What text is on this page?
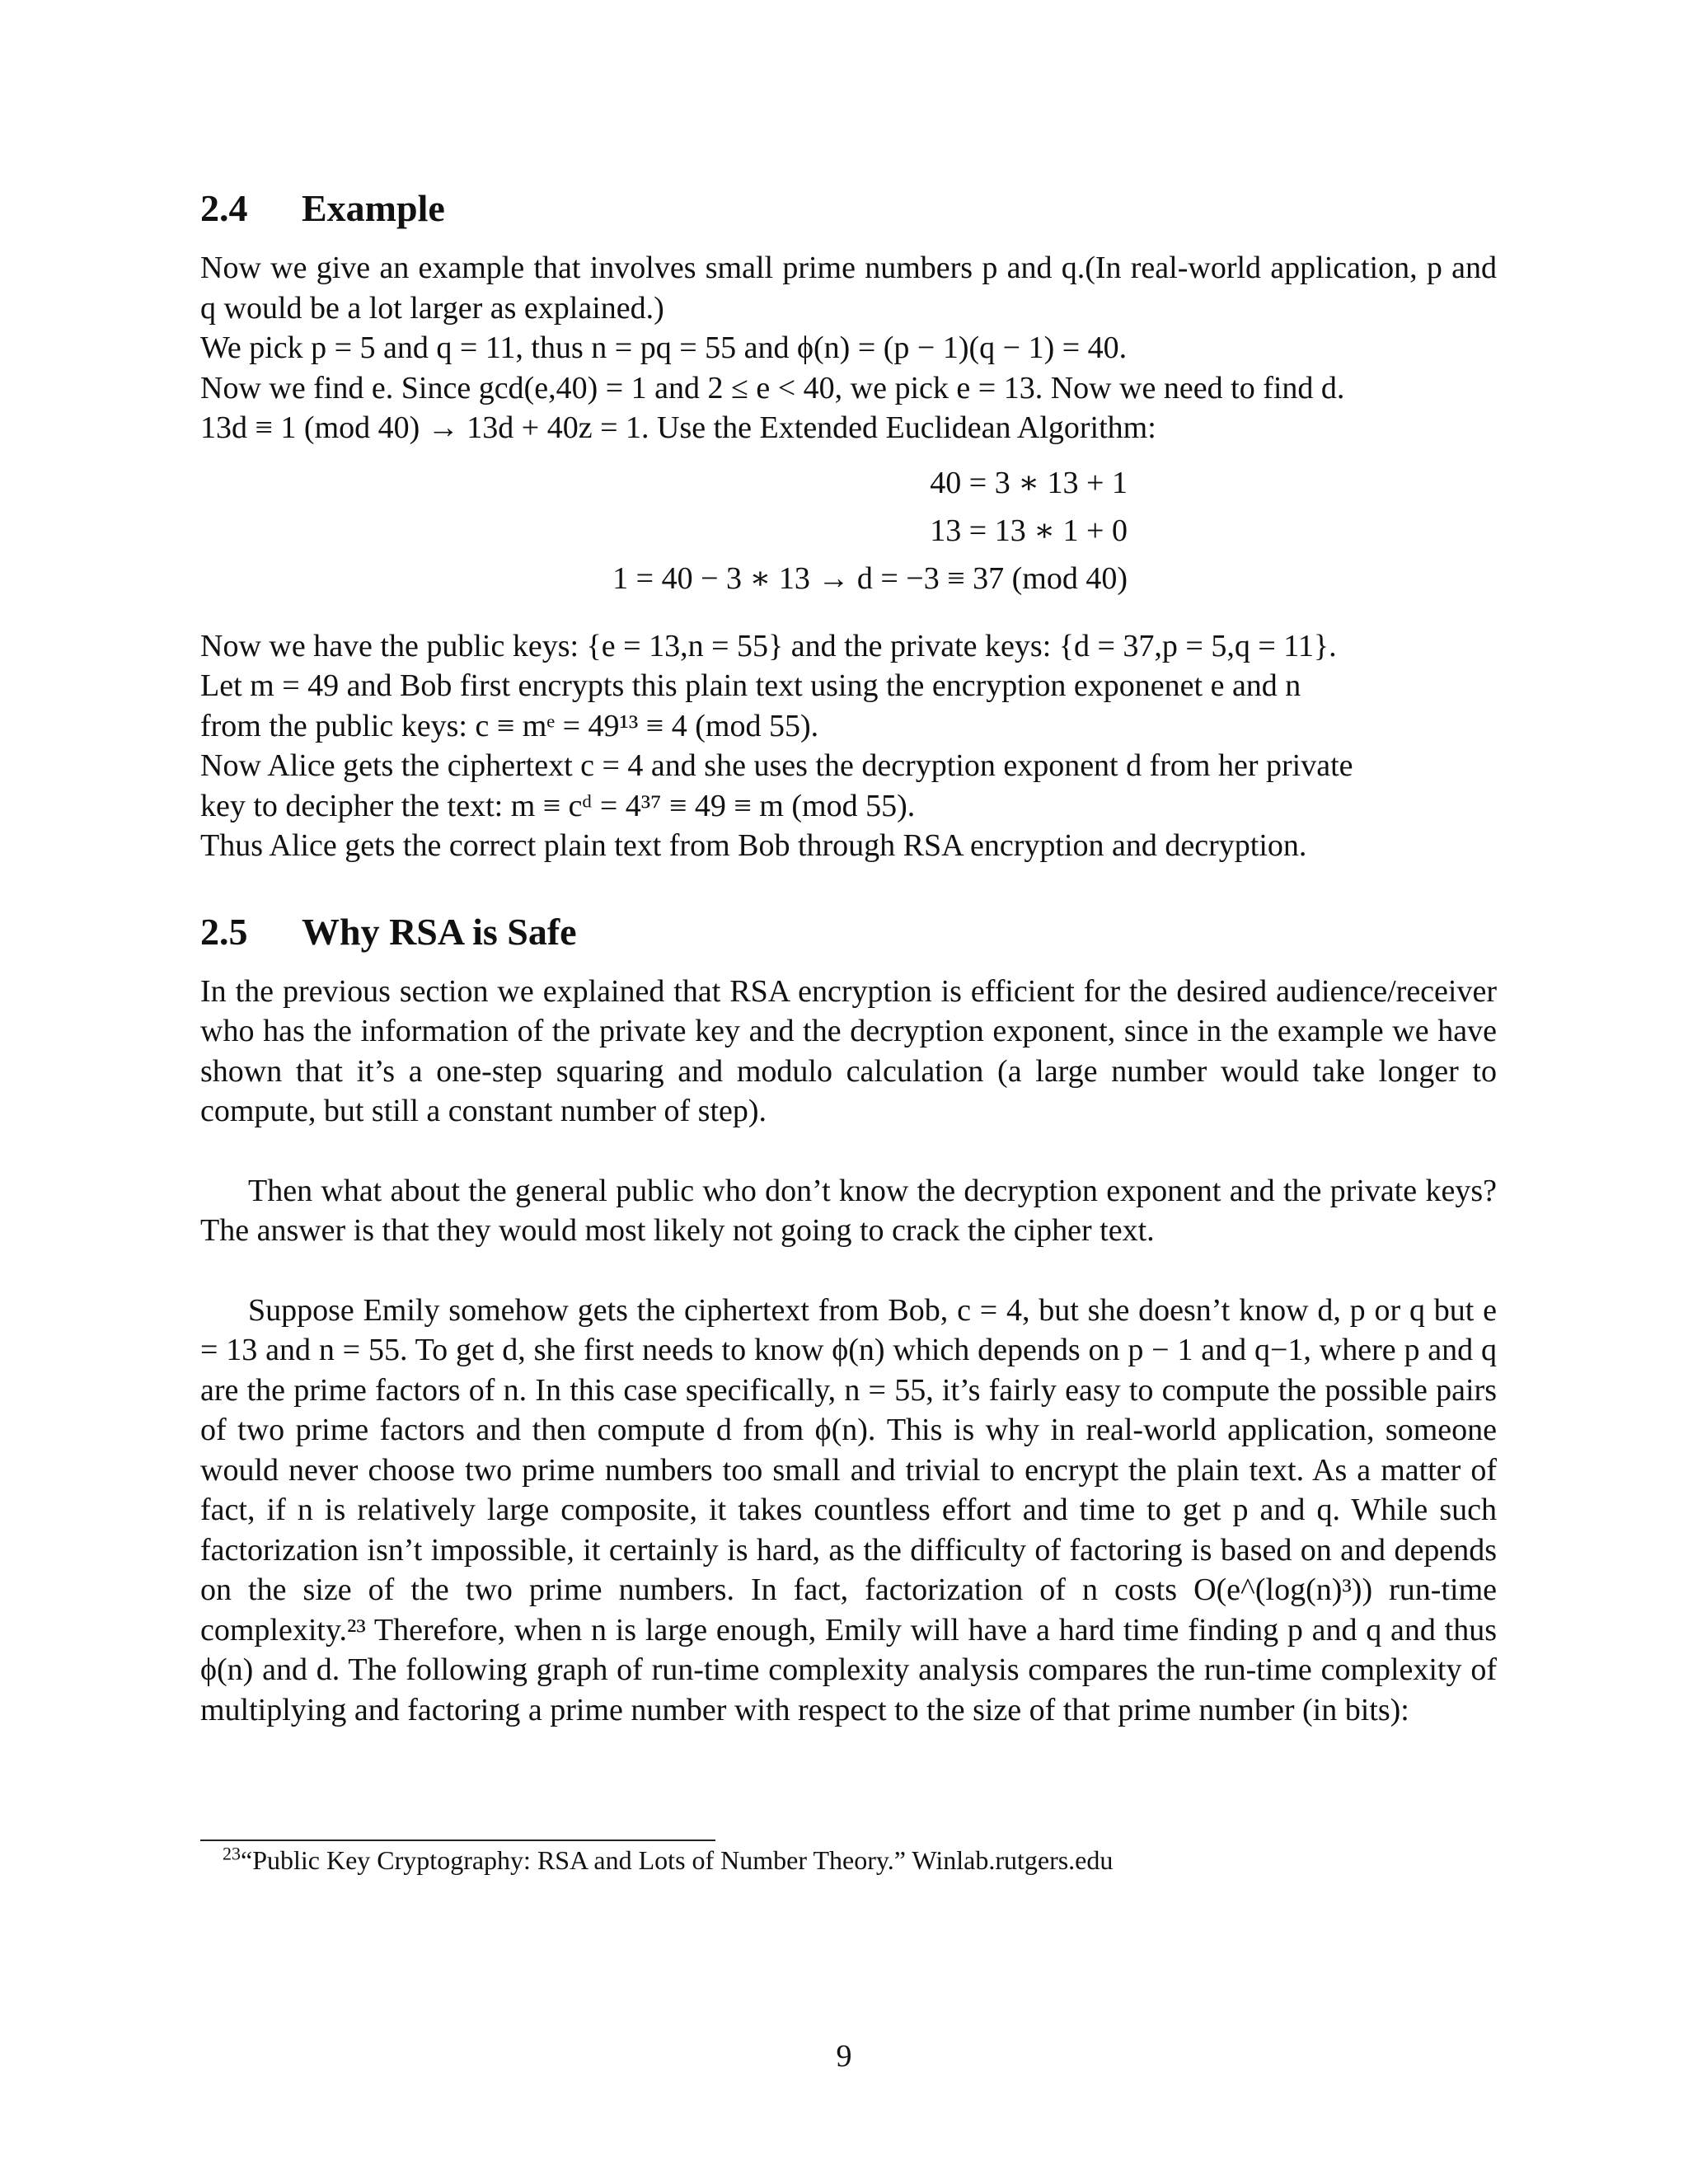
2.4	Example

Now we give an example that involves small prime numbers p and q.(In real-world application, p and q would be a lot larger as explained.)
We pick p = 5 and q = 11, thus n = pq = 55 and ϕ(n) = (p − 1)(q − 1) = 40.
Now we find e. Since gcd(e,40) = 1 and 2 ≤ e < 40, we pick e = 13. Now we need to find d.
13d ≡ 1 (mod 40) → 13d + 40z = 1. Use the Extended Euclidean Algorithm:

40 = 3 ∗ 13 + 1
13 = 13 ∗ 1 + 0
1 = 40 − 3 ∗ 13 → d = −3 ≡ 37 (mod 40)

Now we have the public keys: {e = 13,n = 55} and the private keys: {d = 37,p = 5,q = 11}.
Let m = 49 and Bob first encrypts this plain text using the encryption exponenet e and n
from the public keys: c ≡ mᵉ = 49¹³ ≡ 4 (mod 55).
Now Alice gets the ciphertext c = 4 and she uses the decryption exponent d from her private
key to decipher the text: m ≡ cᵈ = 4³⁷ ≡ 49 ≡ m (mod 55).
Thus Alice gets the correct plain text from Bob through RSA encryption and decryption.

2.5	Why RSA is Safe

In the previous section we explained that RSA encryption is efficient for the desired audience/receiver who has the information of the private key and the decryption exponent, since in the example we have shown that it’s a one-step squaring and modulo calculation (a large number would take longer to compute, but still a constant number of step).

Then what about the general public who don’t know the decryption exponent and the private keys? The answer is that they would most likely not going to crack the cipher text.

Suppose Emily somehow gets the ciphertext from Bob, c = 4, but she doesn’t know d, p or q but e = 13 and n = 55. To get d, she first needs to know ϕ(n) which depends on p − 1 and q−1, where p and q are the prime factors of n. In this case specifically, n = 55, it’s fairly easy to compute the possible pairs of two prime factors and then compute d from ϕ(n). This is why in real-world application, someone would never choose two prime numbers too small and trivial to encrypt the plain text. As a matter of fact, if n is relatively large composite, it takes countless effort and time to get p and q. While such factorization isn’t impossible, it certainly is hard, as the difficulty of factoring is based on and depends on the size of the two prime numbers. In fact, factorization of n costs O(e^(log(n)³)) run-time complexity.²³ Therefore, when n is large enough, Emily will have a hard time finding p and q and thus ϕ(n) and d. The following graph of run-time complexity analysis compares the run-time complexity of multiplying and factoring a prime number with respect to the size of that prime number (in bits):

$^{23}$“Public Key Cryptography: RSA and Lots of Number Theory.” Winlab.rutgers.edu
9
